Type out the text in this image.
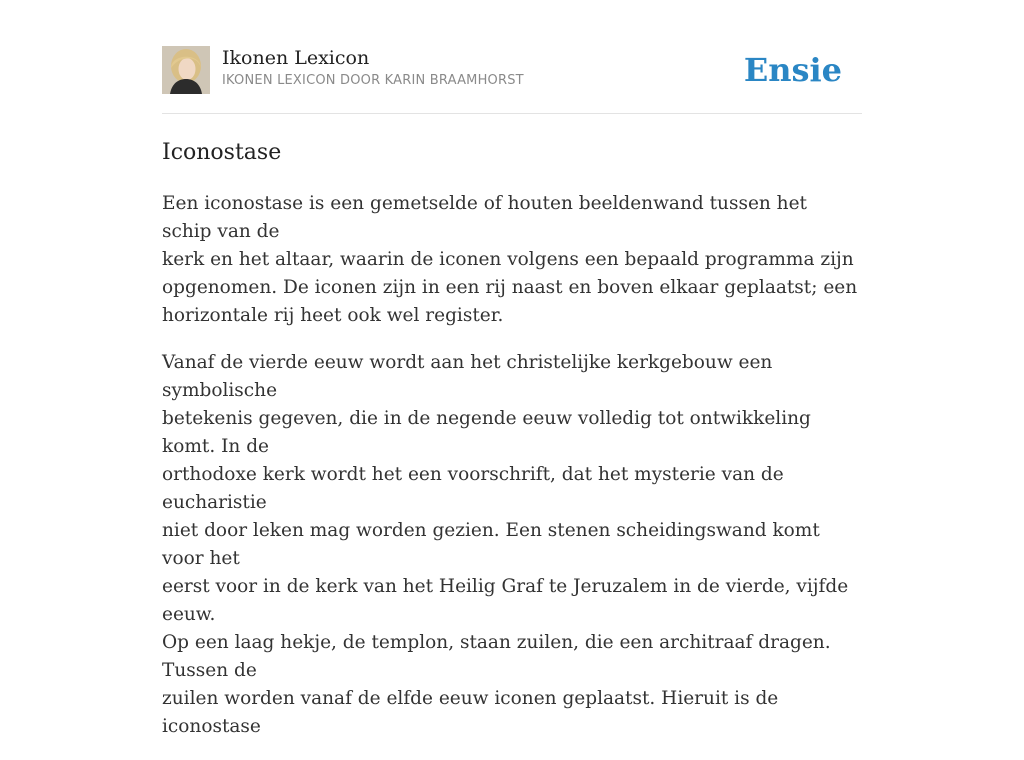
Ikonen Lexicon
IKONEN LEXICON DOOR KARIN BRAAMHORST	Ensie
Iconostase

Een iconostase is een gemetselde of houten beeldenwand tussen het schip van de
kerk en het altaar, waarin de iconen volgens een bepaald programma zijn
opgenomen. De iconen zijn in een rij naast en boven elkaar geplaatst; een
horizontale rij heet ook wel register.

Vanaf de vierde eeuw wordt aan het christelijke kerkgebouw een symbolische
betekenis gegeven, die in de negende eeuw volledig tot ontwikkeling komt. In de
orthodoxe kerk wordt het een voorschrift, dat het mysterie van de eucharistie
niet door leken mag worden gezien. Een stenen scheidingswand komt voor het
eerst voor in de kerk van het Heilig Graf te Jeruzalem in de vierde, vijfde eeuw.
Op een laag hekje, de templon, staan zuilen, die een architraaf dragen. Tussen de
zuilen worden vanaf de elfde eeuw iconen geplaatst. Hieruit is de iconostase
